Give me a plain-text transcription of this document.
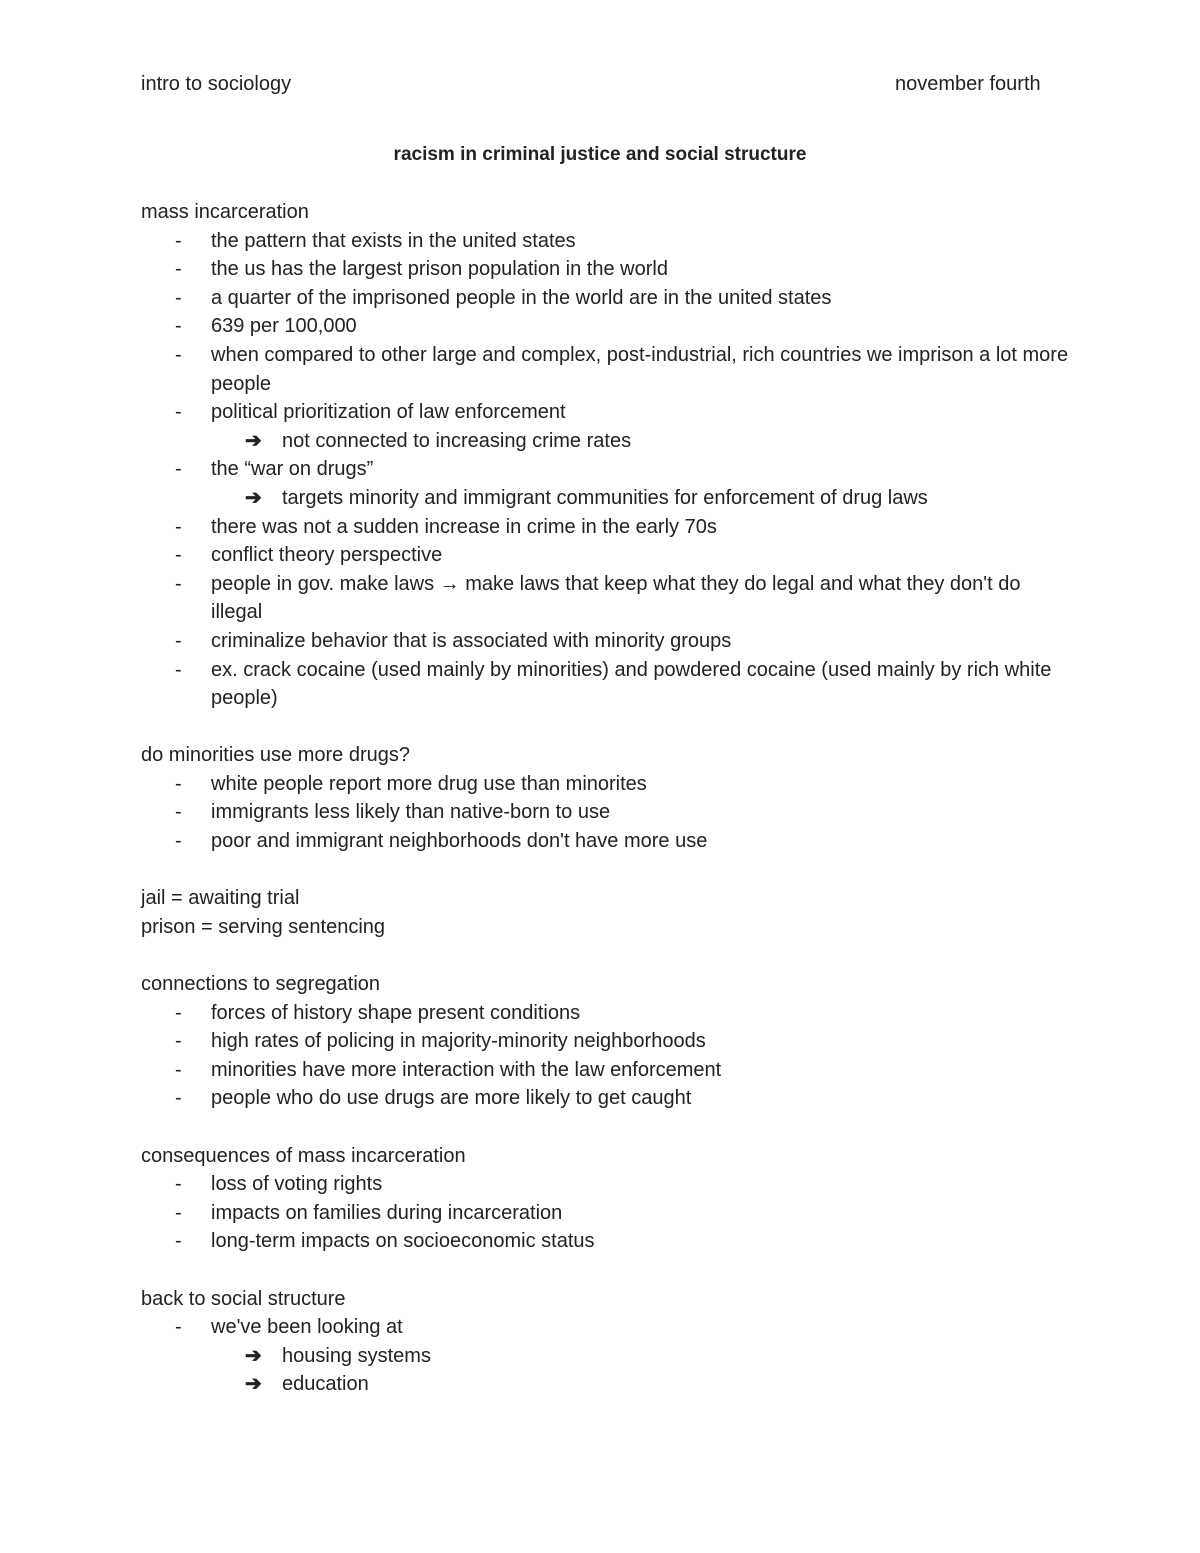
intro to sociology	november fourth
racism in criminal justice and social structure

mass incarceration

- the pattern that exists in the united states
- the us has the largest prison population in the world
- a quarter of the imprisoned people in the world are in the united states
- 639 per 100,000
- when compared to other large and complex, post-industrial, rich countries we imprison a lot more people
- political prioritization of law enforcement
➔ not connected to increasing crime rates
- the “war on drugs”
➔ targets minority and immigrant communities for enforcement of drug laws
- there was not a sudden increase in crime in the early 70s
- conflict theory perspective
- people in gov. make laws → make laws that keep what they do legal and what they don't do illegal
- criminalize behavior that is associated with minority groups
- ex. crack cocaine (used mainly by minorities) and powdered cocaine (used mainly by rich white people)

do minorities use more drugs?

- white people report more drug use than minorites
- immigrants less likely than native-born to use
- poor and immigrant neighborhoods don't have more use

jail = awaiting trial

prison = serving sentencing

connections to segregation

- forces of history shape present conditions
- high rates of policing in majority-minority neighborhoods
- minorities have more interaction with the law enforcement
- people who do use drugs are more likely to get caught

consequences of mass incarceration

- loss of voting rights
- impacts on families during incarceration
- long-term impacts on socioeconomic status

back to social structure

- we've been looking at
➔ housing systems
➔ education
